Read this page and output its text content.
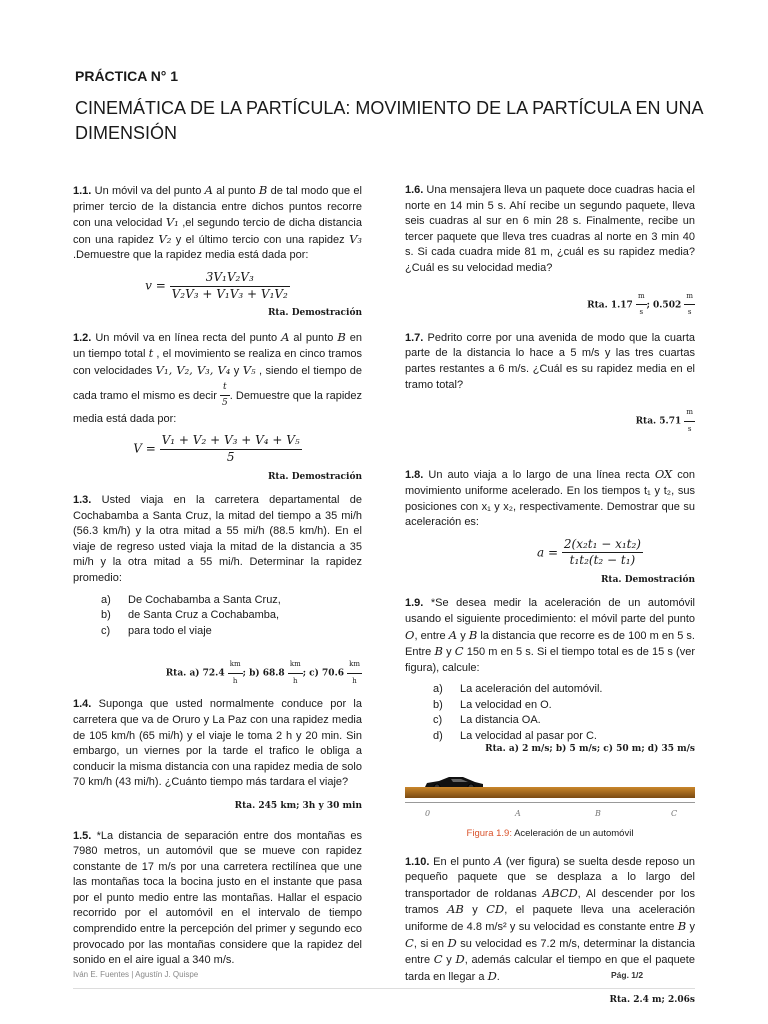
PRÁCTICA N° 1
CINEMÁTICA DE LA PARTÍCULA: MOVIMIENTO DE LA PARTÍCULA EN UNA DIMENSIÓN

1.1. Un móvil va del punto A al punto B de tal modo que el primer tercio de la distancia entre dichos puntos recorre con una velocidad V₁ ,el segundo tercio de dicha distancia con una rapidez V₂ y el último tercio con una rapidez V₃ .Demuestre que la rapidez media está dada por:

$v = \frac{\text{3V₁V₂V₃}}{\text{V₂V₃ + V₁V₃ + V₁V₂}}$

Rta. Demostración

1.2. Un móvil va en línea recta del punto A al punto B en un tiempo total t , el movimiento se realiza en cinco tramos con velocidades V₁, V₂, V₃, V₄ y V₅ , siendo el tiempo de cada tramo el mismo es decir $\frac{t}{5}$ . Demuestre que la rapidez media está dada por:

$V = \frac{\text{V₁ + V₂ + V₃ + V₄ + V₅}}{5}$

Rta. Demostración

1.3. Usted viaja en la carretera departamental de Cochabamba a Santa Cruz, la mitad del tiempo a 35 mi/h (56.3 km/h) y la otra mitad a 55 mi/h (88.5 km/h). En el viaje de regreso usted viaja la mitad de la distancia a 35 mi/h y la otra mitad a 55 mi/h. Determinar la rapidez promedio:

a)	De Cochabamba a Santa Cruz,
b)	de Santa Cruz a Cochabamba,
c)	para todo el viaje

Rta. a) $72.4 \frac{km}{h}$ ; b) $68.8 \frac{km}{h}$ ; c) $70.6 \frac{km}{h}$

1.4. Suponga que usted normalmente conduce por la carretera que va de Oruro y La Paz con una rapidez media de 105 km/h (65 mi/h) y el viaje le toma 2 h y 20 min. Sin embargo, un viernes por la tarde el trafico le obliga a conducir la misma distancia con una rapidez media de solo 70 km/h (43 mi/h). ¿Cuánto tiempo más tardara el viaje?

Rta. 245 km; 3h y 30 min

1.5. *La distancia de separación entre dos montañas es 7980 metros, un automóvil que se mueve con rapidez constante de 17 m/s por una carretera rectilínea que une las montañas toca la bocina justo en el instante que pasa por el punto medio entre las montañas. Hallar el espacio recorrido por el automóvil en el intervalo de tiempo comprendido entre la percepción del primer y segundo eco provocado por las montañas considere que la rapidez del sonido en el aire igual a 340 m/s.

1.6. Una mensajera lleva un paquete doce cuadras hacia el norte en 14 min 5 s. Ahí recibe un segundo paquete, lleva seis cuadras al sur en 6 min 28 s. Finalmente, recibe un tercer paquete que lleva tres cuadras al norte en 3 min 40 s. Si cada cuadra mide 81 m, ¿cuál es su rapidez media? ¿Cuál es su velocidad media?

Rta. $1.17 \frac{m}{s}$ ; $0.502 \frac{m}{s}$

1.7. Pedrito corre por una avenida de modo que la cuarta parte de la distancia lo hace a 5 m/s y las tres cuartas partes restantes a 6 m/s. ¿Cuál es su rapidez media en el tramo total?

Rta. $5.71 \frac{m}{s}$

1.8. Un auto viaja a lo largo de una línea recta OX con movimiento uniforme acelerado. En los tiempos t₁ y t₂, sus posiciones con x₁ y x₂, respectivamente. Demostrar que su aceleración es:

$a = \frac{\text{2(x₂t₁ − x₁t₂)}}{\text{t₁t₂(t₂ − t₁)}}$

Rta. Demostración

1.9. *Se desea medir la aceleración de un automóvil usando el siguiente procedimiento: el móvil parte del punto O, entre A y B la distancia que recorre es de 100 m en 5 s. Entre B y C 150 m en 5 s. Si el tiempo total es de 15 s (ver figura), calcule:

a)	La aceleración del automóvil.
b)	La velocidad en O.
c)	La distancia OA.
d)	La velocidad al pasar por C.

Rta. a) 2 m/s; b) 5 m/s; c) 50 m; d) 35 m/s

0	A	B	C
Figura 1.9: Aceleración de un automóvil

1.10. En el punto A (ver figura) se suelta desde reposo un pequeño paquete que se desplaza a lo largo del transportador de roldanas ABCD, Al descender por los tramos AB y CD, el paquete lleva una aceleración uniforme de 4.8 m/s² y su velocidad es constante entre B y C, si en D su velocidad es 7.2 m/s, determinar la distancia entre C y D, además calcular el tiempo en que el paquete tarda en llegar a D.

Rta. 2.4 m; 2.06s

Iván E. Fuentes | Agustín J. Quispe	Pág. 1/2
